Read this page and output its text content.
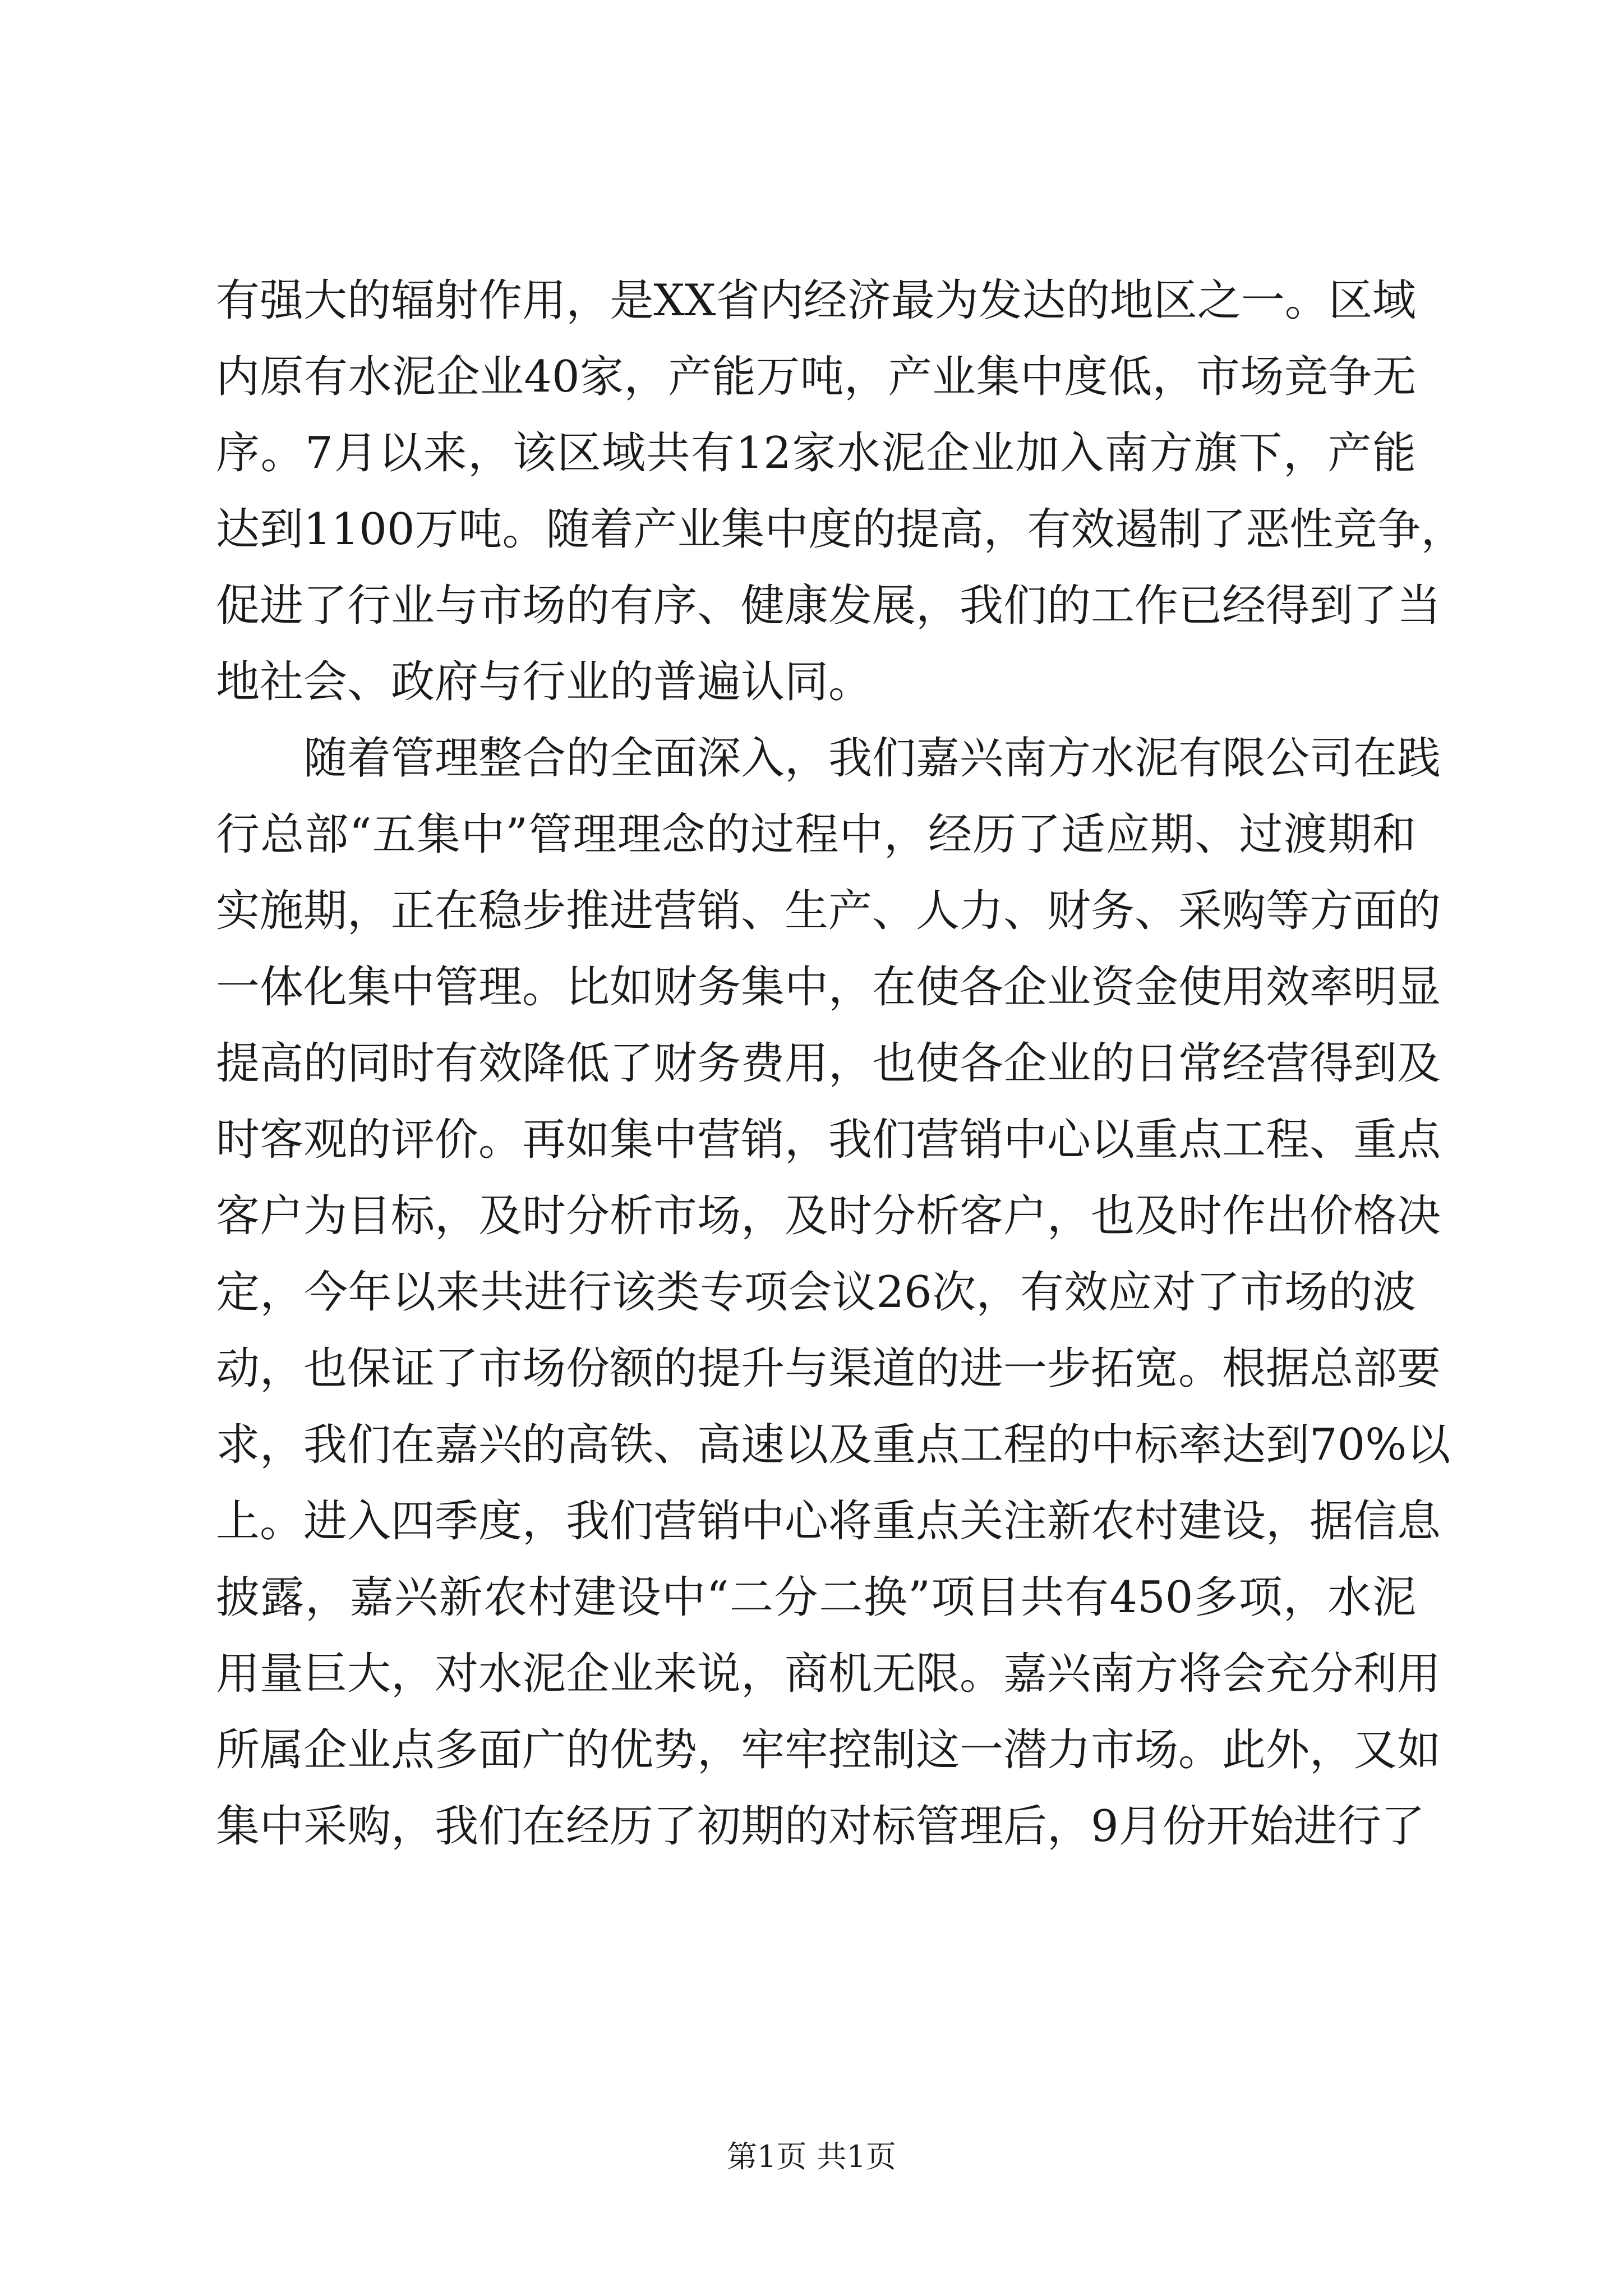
有强大的辐射作用，是XX省内经济最为发达的地区之一。区域
内原有水泥企业40家，产能万吨，产业集中度低，市场竞争无
序。7月以来，该区域共有12家水泥企业加入南方旗下，产能
达到1100万吨。随着产业集中度的提高，有效遏制了恶性竞争，
促进了行业与市场的有序、健康发展，我们的工作已经得到了当
地社会、政府与行业的普遍认同。
随着管理整合的全面深入，我们嘉兴南方水泥有限公司在践
行总部“五集中”管理理念的过程中，经历了适应期、过渡期和
实施期，正在稳步推进营销、生产、人力、财务、采购等方面的
一体化集中管理。比如财务集中，在使各企业资金使用效率明显
提高的同时有效降低了财务费用，也使各企业的日常经营得到及
时客观的评价。再如集中营销，我们营销中心以重点工程、重点
客户为目标，及时分析市场，及时分析客户，也及时作出价格决
定，今年以来共进行该类专项会议26次，有效应对了市场的波
动，也保证了市场份额的提升与渠道的进一步拓宽。根据总部要
求，我们在嘉兴的高铁、高速以及重点工程的中标率达到70%以
上。进入四季度，我们营销中心将重点关注新农村建设，据信息
披露，嘉兴新农村建设中“二分二换”项目共有450多项，水泥
用量巨大，对水泥企业来说，商机无限。嘉兴南方将会充分利用
所属企业点多面广的优势，牢牢控制这一潜力市场。此外，又如
集中采购，我们在经历了初期的对标管理后，9月份开始进行了
第1页 共1页
